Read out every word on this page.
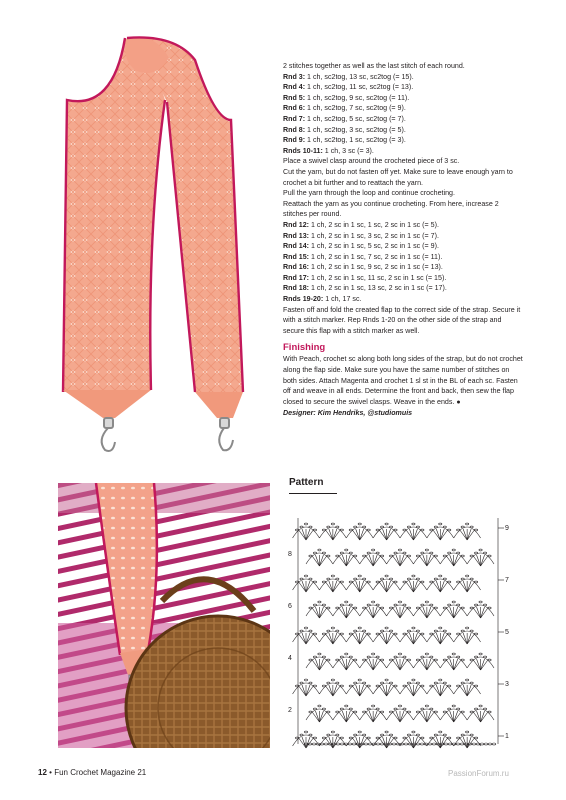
2 stitches together as well as the last stitch of each round.

Rnd 3: 1 ch, sc2tog, 13 sc, sc2tog (= 15).

Rnd 4: 1 ch, sc2tog, 11 sc, sc2tog (= 13).

Rnd 5: 1 ch, sc2tog, 9 sc, sc2tog (= 11).

Rnd 6: 1 ch, sc2tog, 7 sc, sc2tog (= 9).

Rnd 7: 1 ch, sc2tog, 5 sc, sc2tog (= 7).

Rnd 8: 1 ch, sc2tog, 3 sc, sc2tog (= 5).

Rnd 9: 1 ch, sc2tog, 1 sc, sc2tog (= 3).

Rnds 10-11: 1 ch, 3 sc (= 3).

Place a swivel clasp around the crocheted piece of 3 sc.

Cut the yarn, but do not fasten off yet. Make sure to leave enough yarn to crochet a bit further and to reattach the yarn.

Pull the yarn through the loop and continue crocheting.

Reattach the yarn as you continue crocheting. From here, increase 2 stitches per round.

Rnd 12: 1 ch, 2 sc in 1 sc, 1 sc, 2 sc in 1 sc (= 5).

Rnd 13: 1 ch, 2 sc in 1 sc, 3 sc, 2 sc in 1 sc (= 7).

Rnd 14: 1 ch, 2 sc in 1 sc, 5 sc, 2 sc in 1 sc (= 9).

Rnd 15: 1 ch, 2 sc in 1 sc, 7 sc, 2 sc in 1 sc (= 11).

Rnd 16: 1 ch, 2 sc in 1 sc, 9 sc, 2 sc in 1 sc (= 13).

Rnd 17: 1 ch, 2 sc in 1 sc, 11 sc, 2 sc in 1 sc (= 15).

Rnd 18: 1 ch, 2 sc in 1 sc, 13 sc, 2 sc in 1 sc (= 17).

Rnds 19-20: 1 ch, 17 sc.

Fasten off and fold the created flap to the correct side of the strap. Secure it with a stitch marker. Rep Rnds 1-20 on the other side of the strap and secure this flap with a stitch marker as well.

Finishing

With Peach, crochet sc along both long sides of the strap, but do not crochet along the flap side. Make sure you have the same number of stitches on both sides. Attach Magenta and crochet 1 sl st in the BL of each sc. Fasten off and weave in all ends. Determine the front and back, then sew the flap closed to secure the swivel clasps. Weave in the ends. ●

Designer: Kim Hendriks, @studiomuis

Pattern
8
6
4
2
9
7
5
3
1
12 • Fun Crochet Magazine 21	PassionForum.ru
